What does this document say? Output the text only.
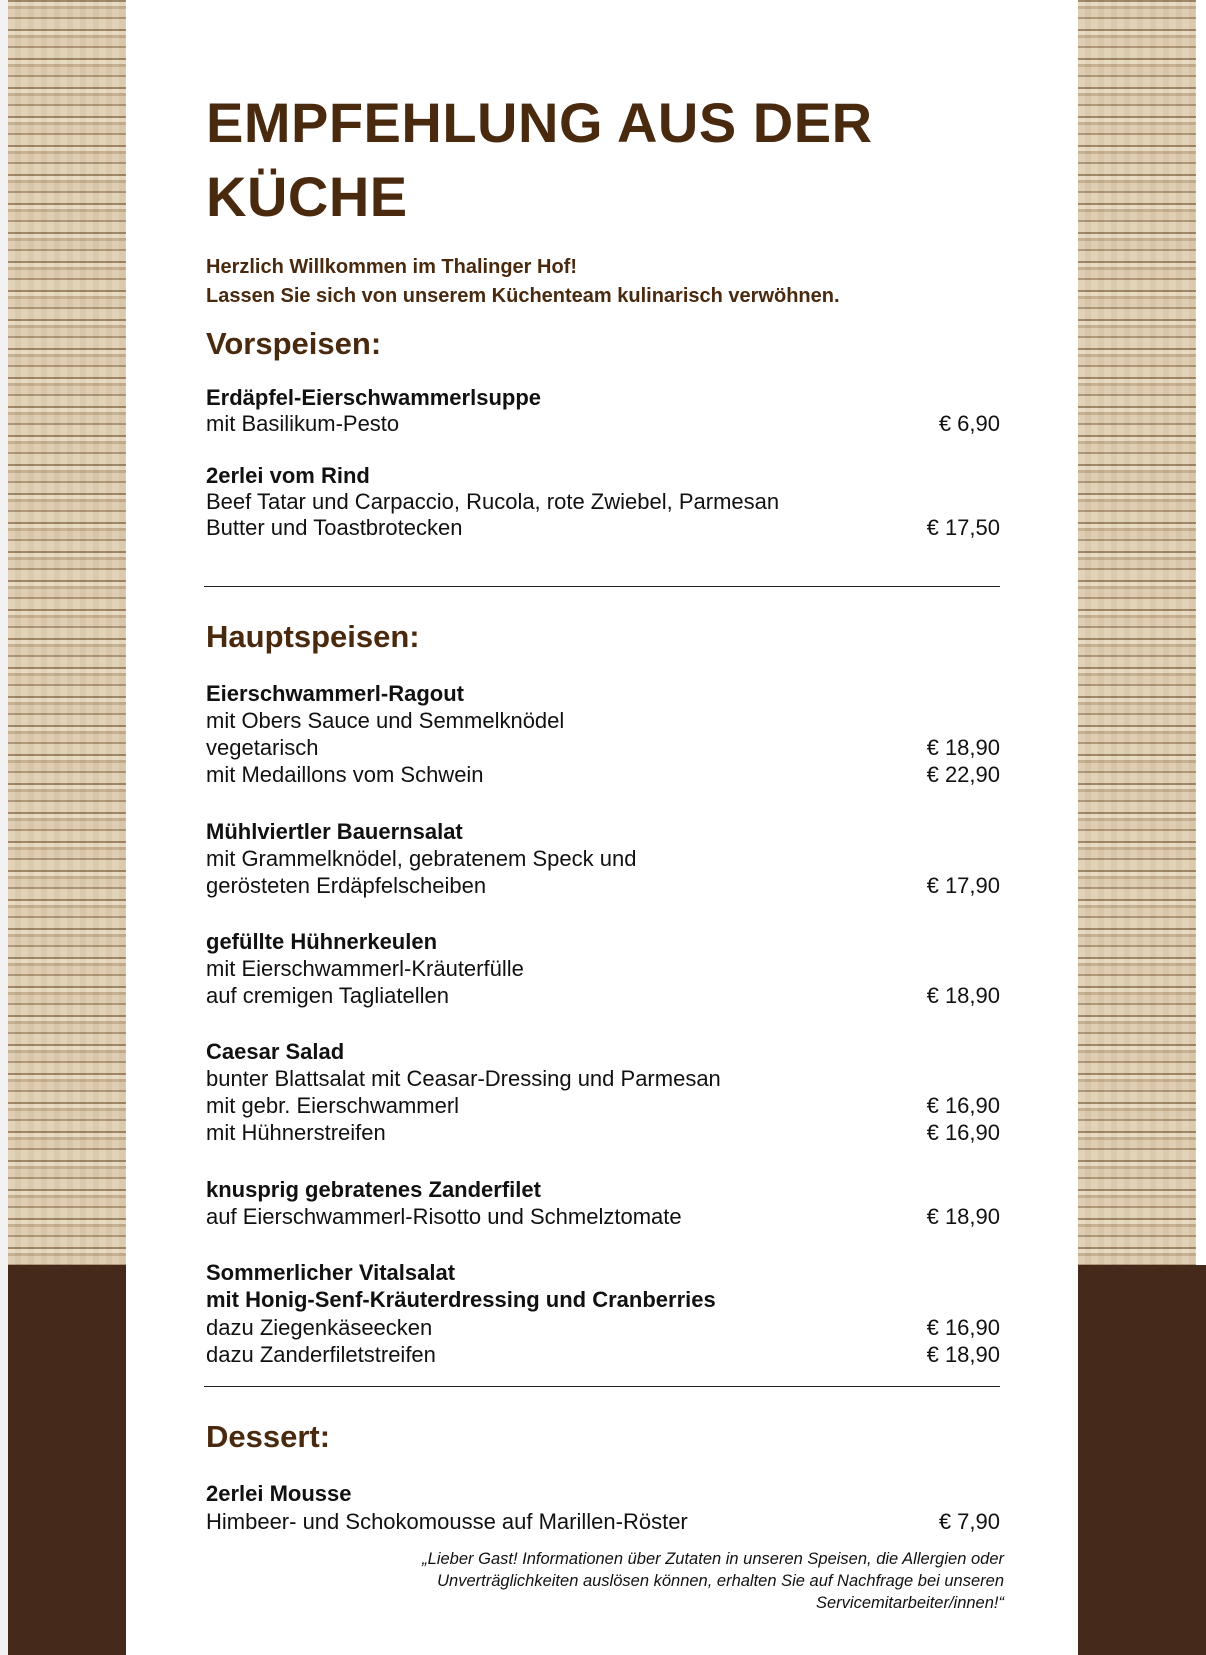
EMPFEHLUNG AUS DER
KÜCHE
Herzlich Willkommen im Thalinger Hof!
Lassen Sie sich von unserem Küchenteam kulinarisch verwöhnen.
Vorspeisen:
Erdäpfel-Eierschwammerlsuppe
mit Basilikum-Pesto	€ 6,90
2erlei vom Rind
Beef Tatar und Carpaccio, Rucola, rote Zwiebel, Parmesan
Butter und Toastbrotecken	€ 17,50
Hauptspeisen:
Eierschwammerl-Ragout
mit Obers Sauce und Semmelknödel
vegetarisch	€ 18,90
mit Medaillons vom Schwein	€ 22,90
Mühlviertler Bauernsalat
mit Grammelknödel, gebratenem Speck und
gerösteten Erdäpfelscheiben	€ 17,90
gefüllte Hühnerkeulen
mit Eierschwammerl-Kräuterfülle
auf cremigen Tagliatellen	€ 18,90
Caesar Salad
bunter Blattsalat mit Ceasar-Dressing und Parmesan
mit gebr. Eierschwammerl	€ 16,90
mit Hühnerstreifen	€ 16,90
knusprig gebratenes Zanderfilet
auf Eierschwammerl-Risotto und Schmelztomate	€ 18,90
Sommerlicher Vitalsalat
mit Honig-Senf-Kräuterdressing und Cranberries
dazu Ziegenkäseecken	€ 16,90
dazu Zanderfiletstreifen	€ 18,90
Dessert:
2erlei Mousse
Himbeer- und Schokomousse auf Marillen-Röster	€ 7,90
„Lieber Gast! Informationen über Zutaten in unseren Speisen, die Allergien oder
Unverträglichkeiten auslösen können, erhalten Sie auf Nachfrage bei unseren
Servicemitarbeiter/innen!“
